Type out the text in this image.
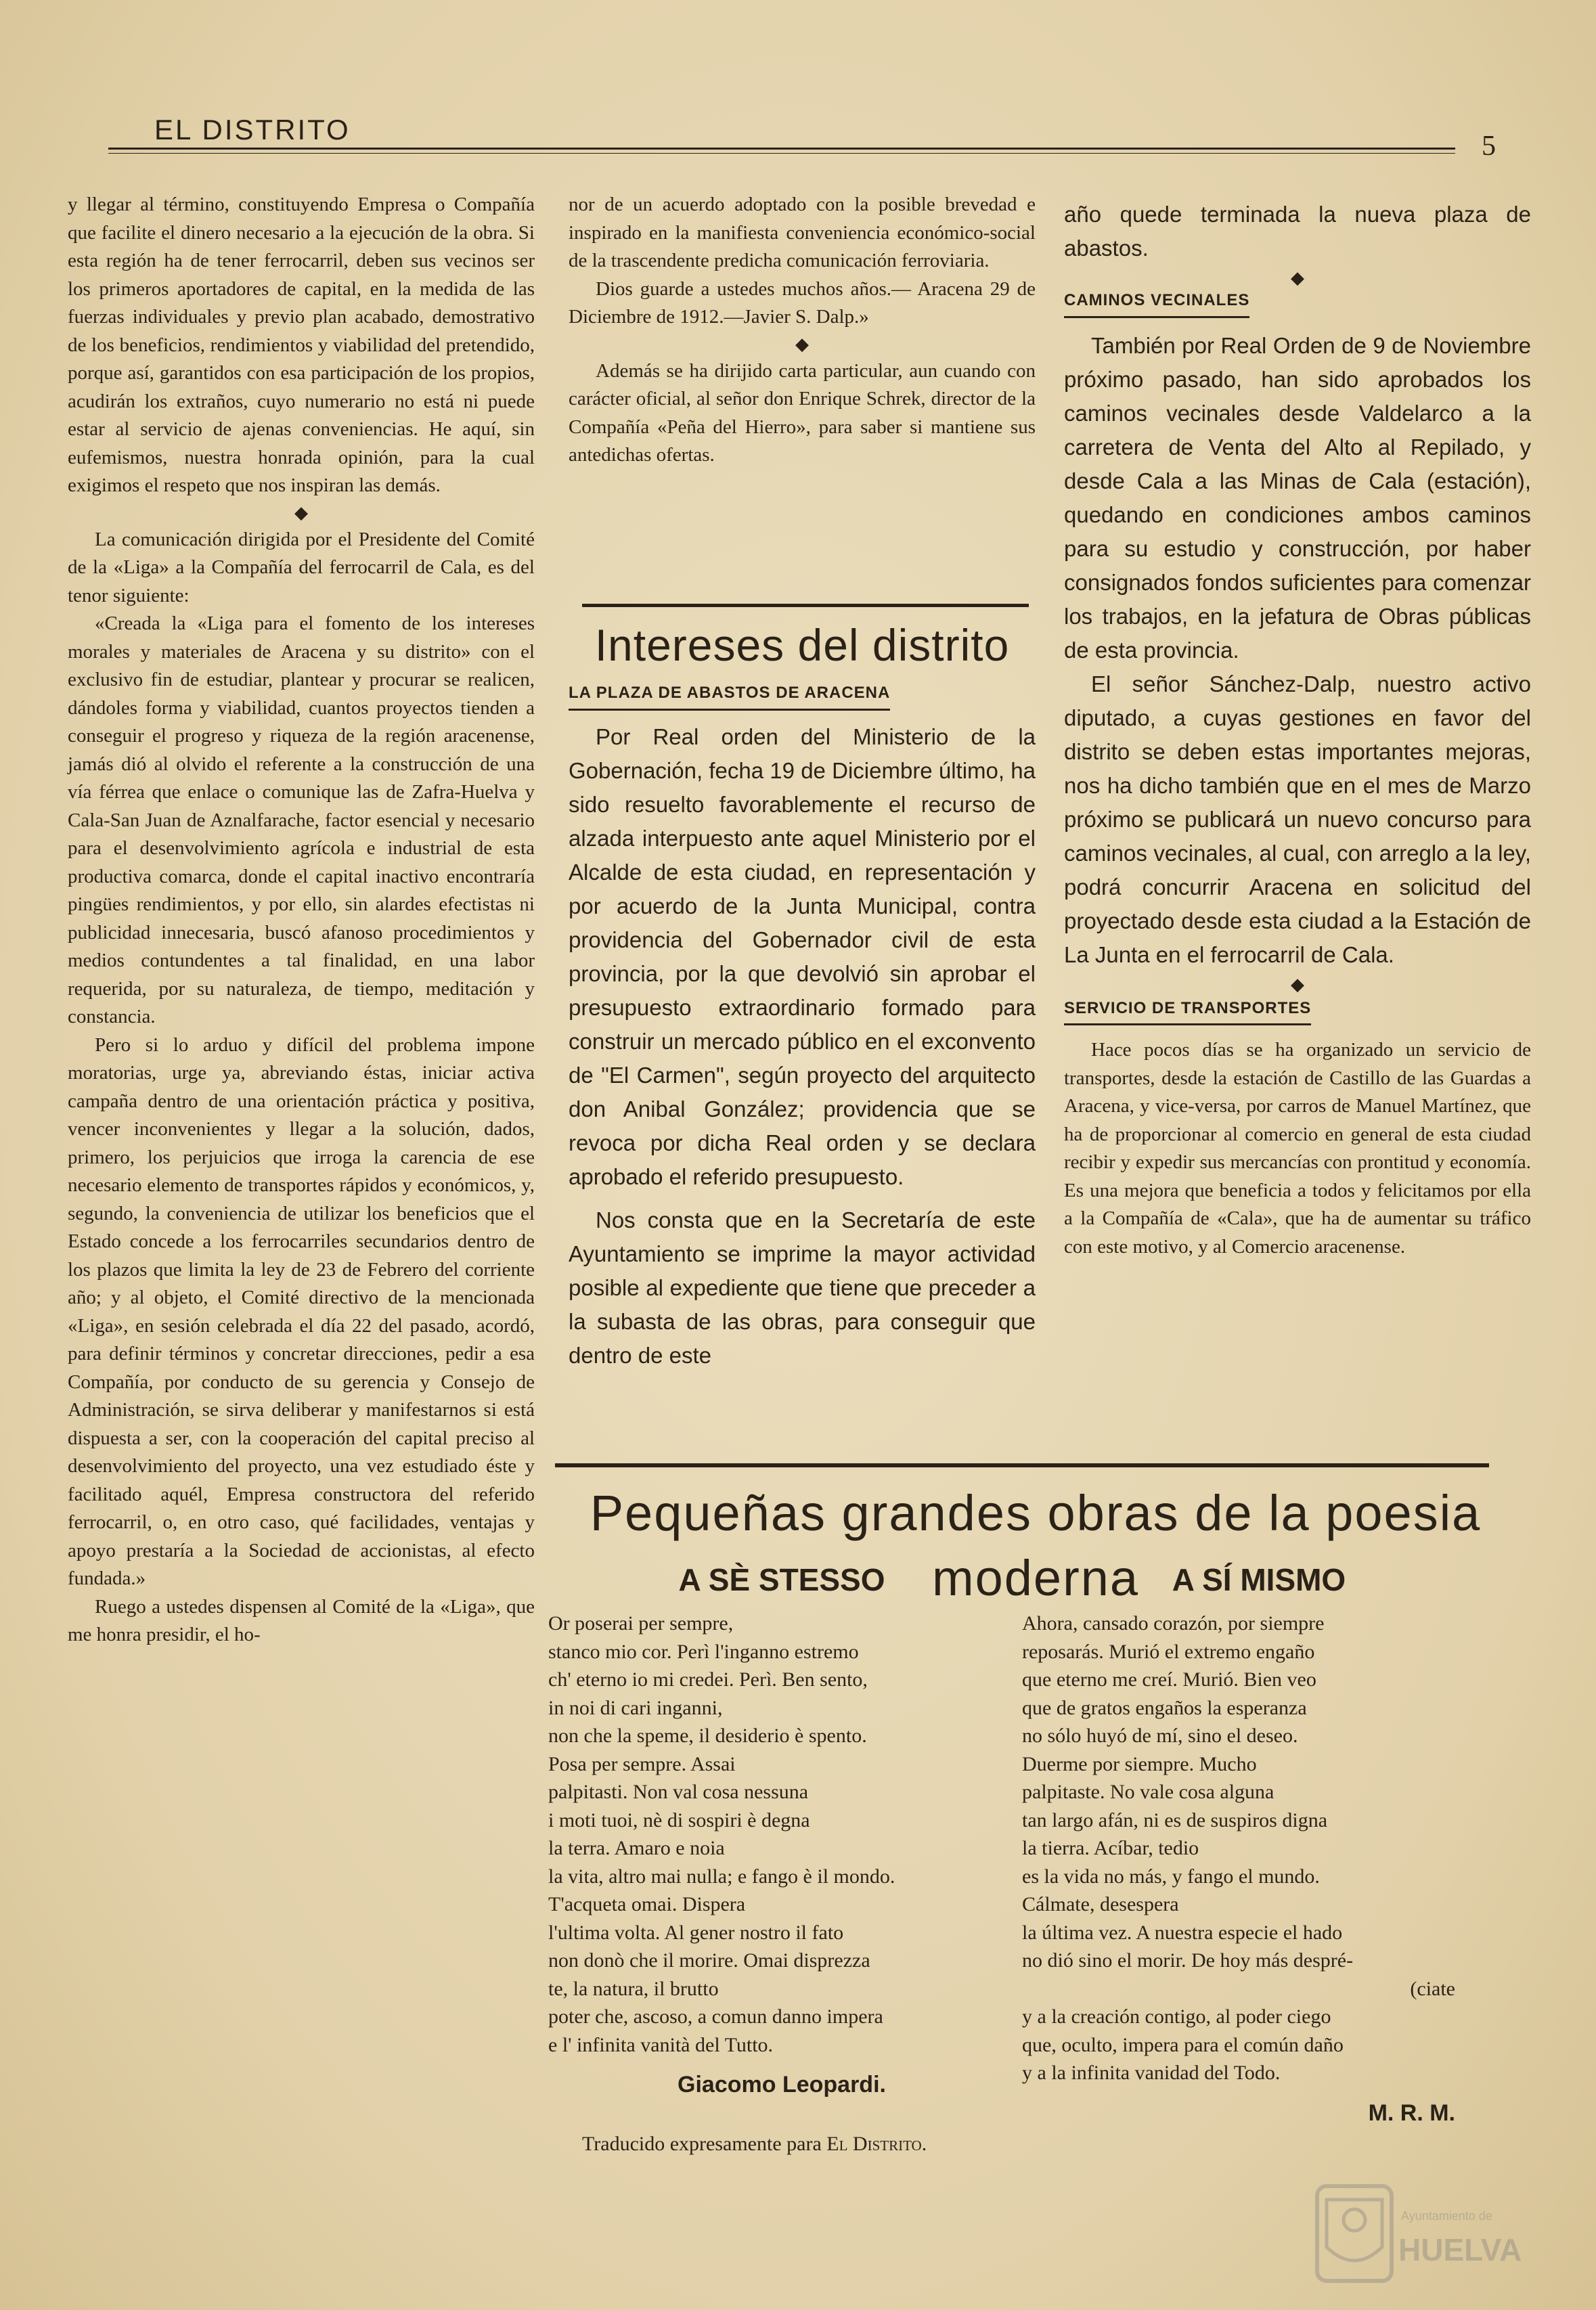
EL DISTRITO
5

y llegar al término, constituyendo Empresa o Compañía que facilite el dinero necesario a la ejecución de la obra. Si esta región ha de tener ferrocarril, deben sus vecinos ser los primeros aportadores de capital, en la medida de las fuerzas individuales y previo plan acabado, demostrativo de los beneficios, rendimientos y viabilidad del pretendido, porque así, garantidos con esa participación de los propios, acudirán los extraños, cuyo numerario no está ni puede estar al servicio de ajenas conveniencias. He aquí, sin eufemismos, nuestra honrada opinión, para la cual exigimos el respeto que nos inspiran las demás.

◆

La comunicación dirigida por el Presidente del Comité de la «Liga» a la Compañía del ferrocarril de Cala, es del tenor siguiente:

«Creada la «Liga para el fomento de los intereses morales y materiales de Aracena y su distrito» con el exclusivo fin de estudiar, plantear y procurar se realicen, dándoles forma y viabilidad, cuantos proyectos tienden a conseguir el progreso y riqueza de la región aracenense, jamás dió al olvido el referente a la construcción de una vía férrea que enlace o comunique las de Zafra-Huelva y Cala-San Juan de Aznalfarache, factor esencial y necesario para el desenvolvimiento agrícola e industrial de esta productiva comarca, donde el capital inactivo encontraría pingües rendimientos, y por ello, sin alardes efectistas ni publicidad innecesaria, buscó afanoso procedimientos y medios contundentes a tal finalidad, en una labor requerida, por su naturaleza, de tiempo, meditación y constancia.

Pero si lo arduo y difícil del problema impone moratorias, urge ya, abreviando éstas, iniciar activa campaña dentro de una orientación práctica y positiva, vencer inconvenientes y llegar a la solución, dados, primero, los perjuicios que irroga la carencia de ese necesario elemento de transportes rápidos y económicos, y, segundo, la conveniencia de utilizar los beneficios que el Estado concede a los ferrocarriles secundarios dentro de los plazos que limita la ley de 23 de Febrero del corriente año; y al objeto, el Comité directivo de la mencionada «Liga», en sesión celebrada el día 22 del pasado, acordó, para definir términos y concretar direcciones, pedir a esa Compañía, por conducto de su gerencia y Consejo de Administración, se sirva deliberar y manifestarnos si está dispuesta a ser, con la cooperación del capital preciso al desenvolvimiento del proyecto, una vez estudiado éste y facilitado aquél, Empresa constructora del referido ferrocarril, o, en otro caso, qué facilidades, ventajas y apoyo prestaría a la Sociedad de accionistas, al efecto fundada.»

Ruego a ustedes dispensen al Comité de la «Liga», que me honra presidir, el ho-

nor de un acuerdo adoptado con la posible brevedad e inspirado en la manifiesta conveniencia económico-social de la trascendente predicha comunicación ferroviaria.

Dios guarde a ustedes muchos años.— Aracena 29 de Diciembre de 1912.—Javier S. Dalp.»

◆

Además se ha dirijido carta particular, aun cuando con carácter oficial, al señor don Enrique Schrek, director de la Compañía «Peña del Hierro», para saber si mantiene sus antedichas ofertas.

Intereses del distrito
LA PLAZA DE ABASTOS DE ARACENA

Por Real orden del Ministerio de la Gobernación, fecha 19 de Diciembre último, ha sido resuelto favorablemente el recurso de alzada interpuesto ante aquel Ministerio por el Alcalde de esta ciudad, en representación y por acuerdo de la Junta Municipal, contra providencia del Gobernador civil de esta provincia, por la que devolvió sin aprobar el presupuesto extraordinario formado para construir un mercado público en el exconvento de "El Carmen", según proyecto del arquitecto don Anibal González; providencia que se revoca por dicha Real orden y se declara aprobado el referido presupuesto.

Nos consta que en la Secretaría de este Ayuntamiento se imprime la mayor actividad posible al expediente que tiene que preceder a la subasta de las obras, para conseguir que dentro de este

año quede terminada la nueva plaza de abastos.

◆
CAMINOS VECINALES

También por Real Orden de 9 de Noviembre próximo pasado, han sido aprobados los caminos vecinales desde Valdelarco a la carretera de Venta del Alto al Repilado, y desde Cala a las Minas de Cala (estación), quedando en condiciones ambos caminos para su estudio y construcción, por haber consignados fondos suficientes para comenzar los trabajos, en la jefatura de Obras públicas de esta provincia.

El señor Sánchez-Dalp, nuestro activo diputado, a cuyas gestiones en favor del distrito se deben estas importantes mejoras, nos ha dicho también que en el mes de Marzo próximo se publicará un nuevo concurso para caminos vecinales, al cual, con arreglo a la ley, podrá concurrir Aracena en solicitud del proyectado desde esta ciudad a la Estación de La Junta en el ferrocarril de Cala.

◆
SERVICIO DE TRANSPORTES

Hace pocos días se ha organizado un servicio de transportes, desde la estación de Castillo de las Guardas a Aracena, y vice-versa, por carros de Manuel Martínez, que ha de proporcionar al comercio en general de esta ciudad recibir y expedir sus mercancías con prontitud y economía. Es una mejora que beneficia a todos y felicitamos por ella a la Compañía de «Cala», que ha de aumentar su tráfico con este motivo, y al Comercio aracenense.

Pequeñas grandes obras de la poesia moderna
A SÈ STESSO
Or poserai per sempre,
stanco mio cor. Perì l'inganno estremo
ch' eterno io mi credei. Perì. Ben sento,
in noi di cari inganni,
non che la speme, il desiderio è spento.
Posa per sempre. Assai
palpitasti. Non val cosa nessuna
i moti tuoi, nè di sospiri è degna
la terra. Amaro e noia
la vita, altro mai nulla; e fango è il mondo.
T'acqueta omai. Dispera
l'ultima volta. Al gener nostro il fato
non donò che il morire. Omai disprezza
te, la natura, il brutto
poter che, ascoso, a comun danno impera
e l' infinita vanità del Tutto.
Giacomo Leopardi.
A SÍ MISMO
Ahora, cansado corazón, por siempre
reposarás. Murió el extremo engaño
que eterno me creí. Murió. Bien veo
que de gratos engaños la esperanza
no sólo huyó de mí, sino el deseo.
Duerme por siempre. Mucho
palpitaste. No vale cosa alguna
tan largo afán, ni es de suspiros digna
la tierra. Acíbar, tedio
es la vida no más, y fango el mundo.
Cálmate, desespera
la última vez. A nuestra especie el hado
no dió sino el morir. De hoy más despré-
(ciate
y a la creación contigo, al poder ciego
que, oculto, impera para el común daño
y a la infinita vanidad del Todo.
M. R. M.
Traducido expresamente para El Distrito.
Ayuntamiento de
HUELVA
